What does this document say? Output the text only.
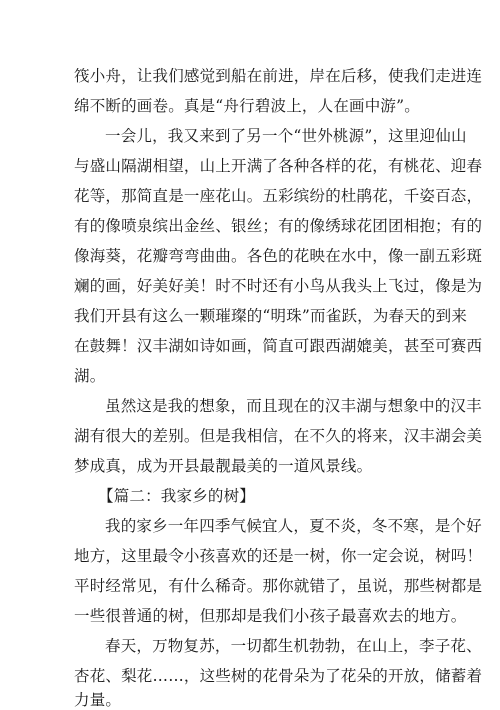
筏小舟，让我们感觉到船在前进，岸在后移，使我们走进连
绵不断的画卷。真是“舟行碧波上，人在画中游”。
一会儿，我又来到了另一个“世外桃源”，这里迎仙山
与盛山隔湖相望，山上开满了各种各样的花，有桃花、迎春
花等，那简直是一座花山。五彩缤纷的杜鹃花，千姿百态，
有的像喷泉缤出金丝、银丝；有的像绣球花团团相抱；有的
像海葵，花瓣弯弯曲曲。各色的花映在水中，像一副五彩斑
斓的画，好美好美！时不时还有小鸟从我头上飞过，像是为
我们开县有这么一颗璀璨的“明珠”而雀跃，为春天的到来
在鼓舞！汉丰湖如诗如画，简直可跟西湖媲美，甚至可赛西
湖。
虽然这是我的想象，而且现在的汉丰湖与想象中的汉丰
湖有很大的差别。但是我相信，在不久的将来，汉丰湖会美
梦成真，成为开县最靓最美的一道风景线。
【篇二：我家乡的树】
我的家乡一年四季气候宜人，夏不炎，冬不寒，是个好
地方，这里最令小孩喜欢的还是一树，你一定会说，树吗！
平时经常见，有什么稀奇。那你就错了，虽说，那些树都是
一些很普通的树，但那却是我们小孩子最喜欢去的地方。
春天，万物复苏，一切都生机勃勃，在山上，李子花、
杏花、梨花……，这些树的花骨朵为了花朵的开放，储蓄着
力量。
